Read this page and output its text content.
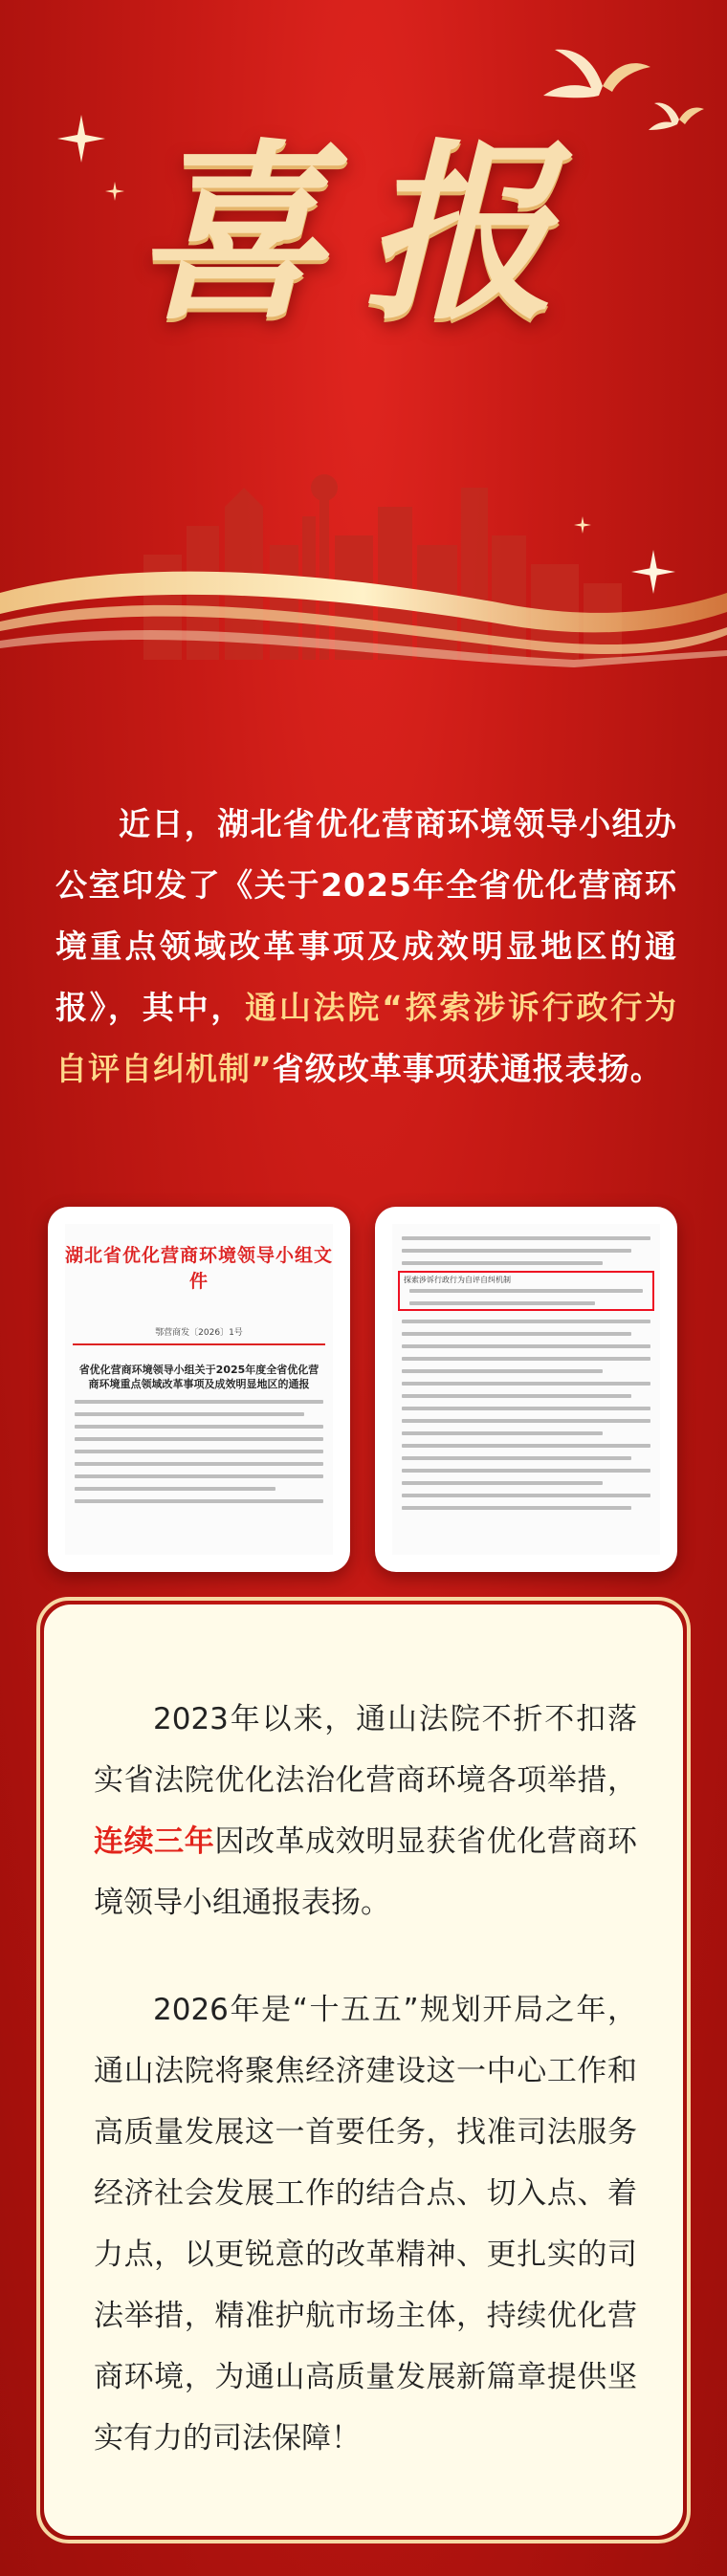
喜报
近日，湖北省优化营商环境领导小组办公室印发了《关于2025年全省优化营商环境重点领域改革事项及成效明显地区的通报》，其中，通山法院“探索涉诉行政行为自评自纠机制”省级改革事项获通报表扬。
湖北省优化营商环境领导小组文件
鄂营商发〔2026〕1号
省优化营商环境领导小组关于2025年度全省优化营商环境重点领域改革事项及成效明显地区的通报
探索涉诉行政行为自评自纠机制

2023年以来，通山法院不折不扣落实省法院优化法治化营商环境各项举措，连续三年因改革成效明显获省优化营商环境领导小组通报表扬。

2026年是“十五五”规划开局之年，通山法院将聚焦经济建设这一中心工作和高质量发展这一首要任务，找准司法服务经济社会发展工作的结合点、切入点、着力点，以更锐意的改革精神、更扎实的司法举措，精准护航市场主体，持续优化营商环境，为通山高质量发展新篇章提供坚实有力的司法保障！
